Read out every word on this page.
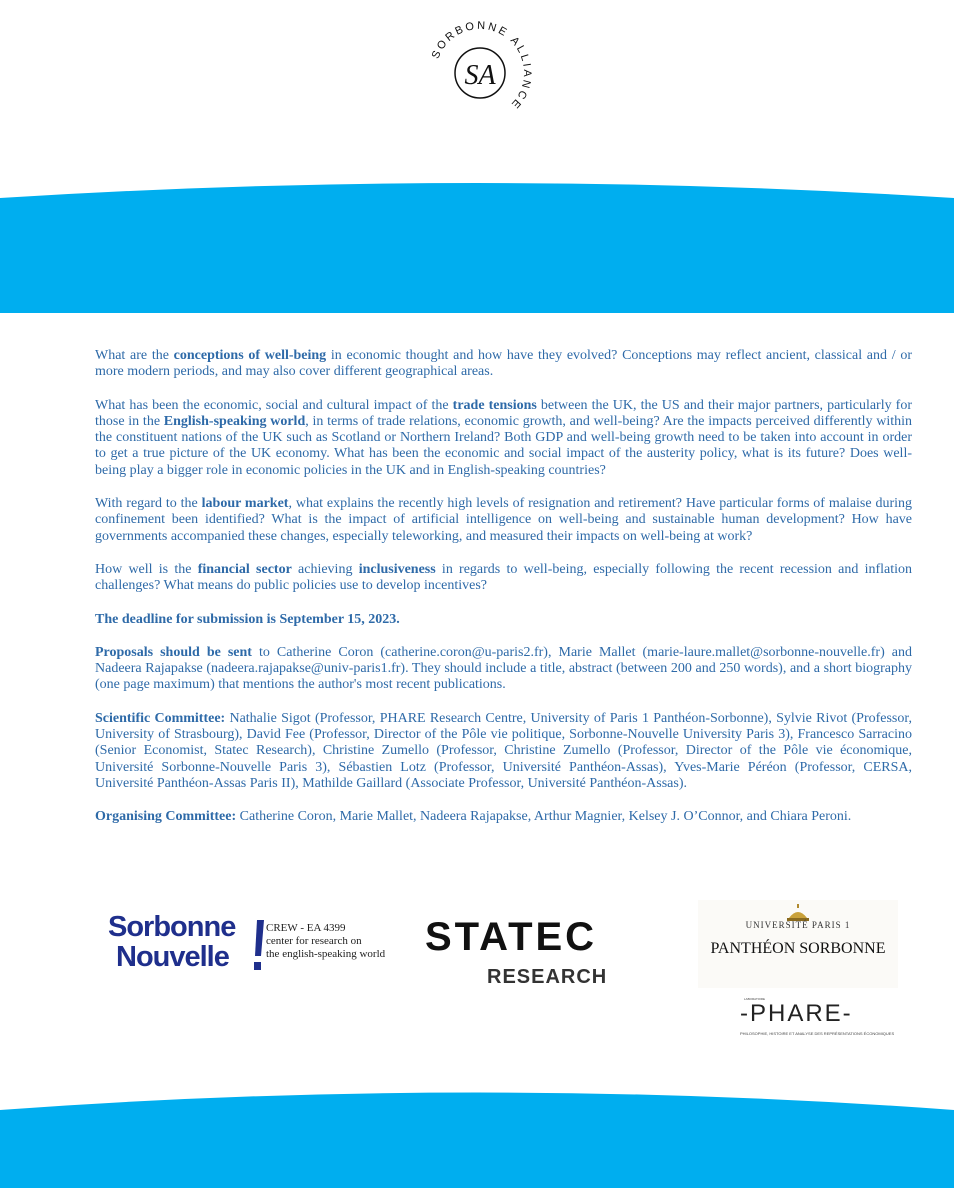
SORBONNE ALLIANCE
SA

What are the conceptions of well-being in economic thought and how have they evolved? Conceptions may reflect ancient, classical and / or more modern periods, and may also cover different geographical areas.

What has been the economic, social and cultural impact of the trade tensions between the UK, the US and their major partners, particularly for those in the English-speaking world, in terms of trade relations, economic growth, and well-being? Are the impacts perceived differently within the constituent nations of the UK such as Scotland or Northern Ireland? Both GDP and well-being growth need to be taken into account in order to get a true picture of the UK economy. What has been the economic and social impact of the austerity policy, what is its future? Does well-being play a bigger role in economic policies in the UK and in English-speaking countries?

With regard to the labour market, what explains the recently high levels of resignation and retirement? Have particular forms of malaise during confinement been identified? What is the impact of artificial intelligence on well-being and sustainable human development? How have governments accompanied these changes, especially teleworking, and measured their impacts on well-being at work?

How well is the financial sector achieving inclusiveness in regards to well-being, especially following the recent recession and inflation challenges? What means do public policies use to develop incentives?

The deadline for submission is September 15, 2023.

Proposals should be sent to Catherine Coron (catherine.coron@u-paris2.fr), Marie Mallet (marie-laure.mallet@sorbonne-nouvelle.fr) and Nadeera Rajapakse (nadeera.rajapakse@univ-paris1.fr). They should include a title, abstract (between 200 and 250 words), and a short biography (one page maximum) that mentions the author's most recent publications.

Scientific Committee: Nathalie Sigot (Professor, PHARE Research Centre, University of Paris 1 Panthéon-Sorbonne), Sylvie Rivot (Professor, University of Strasbourg), David Fee (Professor, Director of the Pôle vie politique, Sorbonne-Nouvelle University Paris 3), Francesco Sarracino (Senior Economist, Statec Research), Christine Zumello (Professor, Christine Zumello (Professor, Director of the Pôle vie économique, Université Sorbonne-Nouvelle Paris 3), Sébastien Lotz (Professor, Université Panthéon-Assas), Yves-Marie Péréon (Professor, CERSA, Université Panthéon-Assas Paris II), Mathilde Gaillard (Associate Professor, Université Panthéon-Assas).

Organising Committee: Catherine Coron, Marie Mallet, Nadeera Rajapakse, Arthur Magnier, Kelsey J. O’Connor, and Chiara Peroni.

Sorbonne
Nouvelle
CREW - EA 4399
center for research on
the english-speaking world STATEC
RESEARCH
UNIVERSITÉ PARIS 1
PANTHÉON SORBONNE
LABORATOIRE
-PHARE-
PHILOSOPHIE, HISTOIRE ET ANALYSE DES REPRÉSENTATIONS ÉCONOMIQUES
